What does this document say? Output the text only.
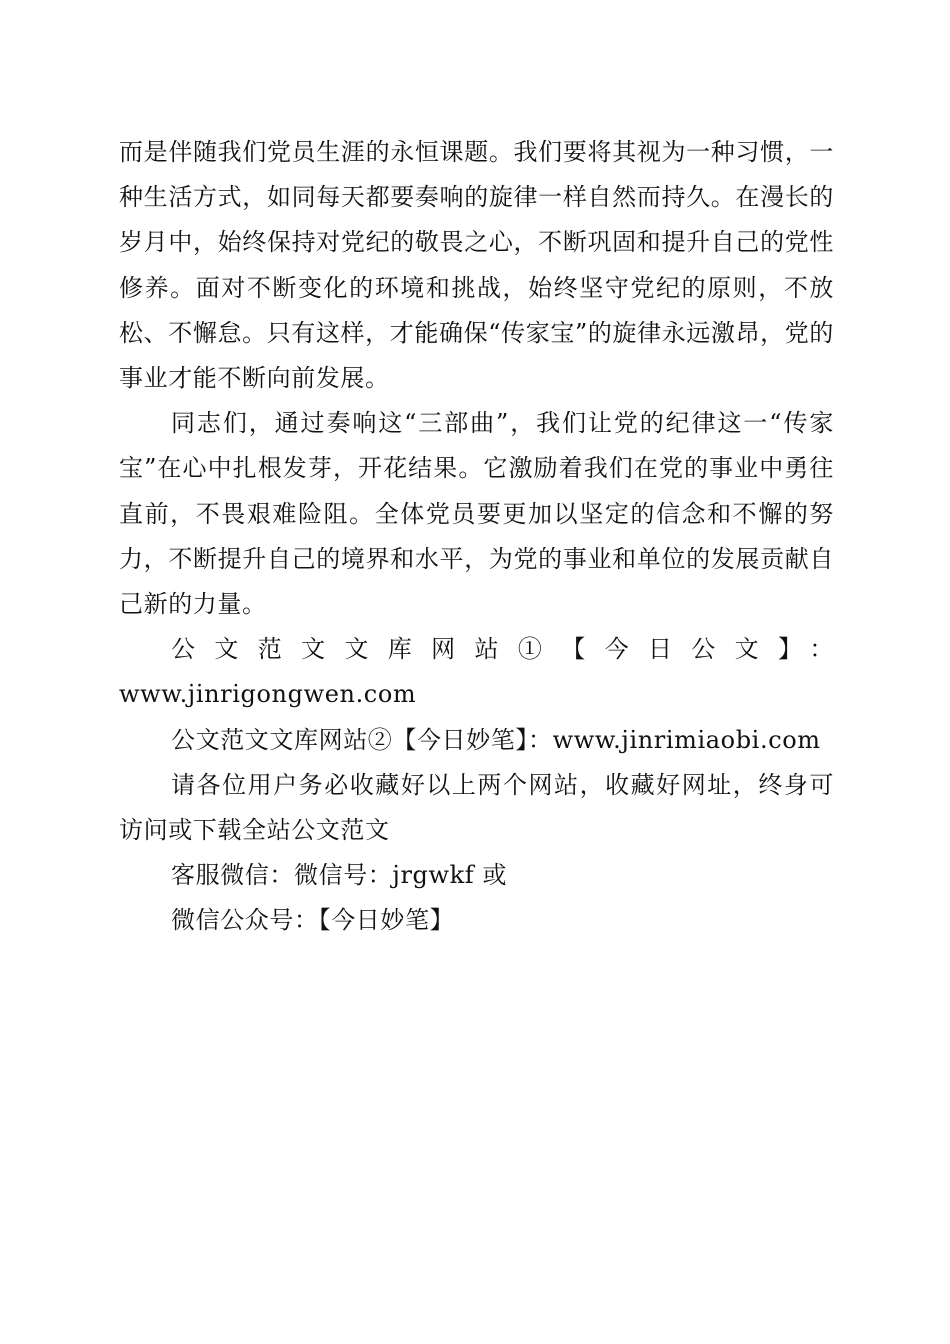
而是伴随我们党员生涯的永恒课题。我们要将其视为一种习惯，一种生活方式，如同每天都要奏响的旋律一样自然而持久。在漫长的岁月中，始终保持对党纪的敬畏之心，不断巩固和提升自己的党性修养。面对不断变化的环境和挑战，始终坚守党纪的原则，不放松、不懈怠。只有这样，才能确保“传家宝”的旋律永远激昂，党的事业才能不断向前发展。

同志们，通过奏响这“三部曲”，我们让党的纪律这一“传家宝”在心中扎根发芽，开花结果。它激励着我们在党的事业中勇往直前，不畏艰难险阻。全体党员要更加以坚定的信念和不懈的努力，不断提升自己的境界和水平，为党的事业和单位的发展贡献自己新的力量。

公文范文文库网站①【今日公文】：

www.jinrigongwen.com

公文范文文库网站②【今日妙笔】：www.jinrimiaobi.com

请各位用户务必收藏好以上两个网站，收藏好网址，终身可访问或下载全站公文范文

客服微信：微信号：jrgwkf 或

微信公众号：【今日妙笔】
